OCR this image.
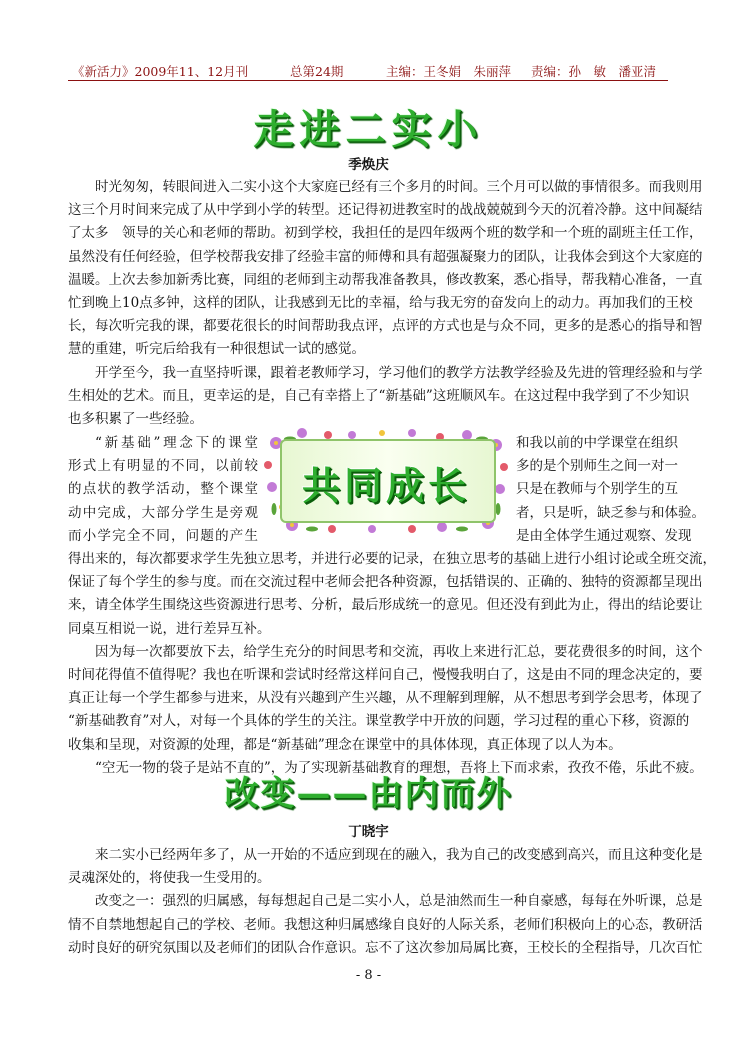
《新活力》2009年11、12月刊	总第24期	主编：王冬娟　朱丽萍 责编：孙　敏　潘亚清
走进二实小
季焕庆
时光匆匆，转眼间进入二实小这个大家庭已经有三个多月的时间。三个月可以做的事情很多。而我则用
这三个月时间来完成了从中学到小学的转型。还记得初进教室时的战战兢兢到今天的沉着冷静。这中间凝结
了太多　领导的关心和老师的帮助。初到学校，我担任的是四年级两个班的数学和一个班的副班主任工作，
虽然没有任何经验，但学校帮我安排了经验丰富的师傅和具有超强凝聚力的团队，让我体会到这个大家庭的
温暖。上次去参加新秀比赛，同组的老师到主动帮我准备教具，修改教案，悉心指导，帮我精心准备，一直
忙到晚上10点多钟，这样的团队，让我感到无比的幸福，给与我无穷的奋发向上的动力。再加我们的王校
长，每次听完我的课，都要花很长的时间帮助我点评，点评的方式也是与众不同，更多的是悉心的指导和智
慧的重建，听完后给我有一种很想试一试的感觉。
开学至今，我一直坚持听课，跟着老教师学习，学习他们的教学方法教学经验及先进的管理经验和与学
生相处的艺术。而且，更幸运的是，自己有幸搭上了“新基础”这班顺风车。在这过程中我学到了不少知识
也多积累了一些经验。
“新基础”理念下的课堂
形式上有明显的不同，以前较
的点状的教学活动，整个课堂
动中完成，大部分学生是旁观
而小学完全不同，问题的产生
和我以前的中学课堂在组织
多的是个别师生之间一对一
只是在教师与个别学生的互
者，只是听，缺乏参与和体验。
是由全体学生通过观察、发现
得出来的，每次都要求学生先独立思考，并进行必要的记录，在独立思考的基础上进行小组讨论或全班交流，
保证了每个学生的参与度。而在交流过程中老师会把各种资源，包括错误的、正确的、独特的资源都呈现出
来，请全体学生围绕这些资源进行思考、分析，最后形成统一的意见。但还没有到此为止，得出的结论要让
同桌互相说一说，进行差异互补。
因为每一次都要放下去，给学生充分的时间思考和交流，再收上来进行汇总，要花费很多的时间，这个
时间花得值不值得呢？我也在听课和尝试时经常这样问自己，慢慢我明白了，这是由不同的理念决定的，要
真正让每一个学生都参与进来，从没有兴趣到产生兴趣，从不理解到理解，从不想思考到学会思考，体现了
“新基础教育”对人，对每一个具体的学生的关注。课堂教学中开放的问题，学习过程的重心下移，资源的
收集和呈现，对资源的处理，都是“新基础”理念在课堂中的具体体现，真正体现了以人为本。
“空无一物的袋子是站不直的”，为了实现新基础教育的理想，吾将上下而求索，孜孜不倦，乐此不疲。
共同成长
改变——由内而外
丁晓宇
来二实小已经两年多了，从一开始的不适应到现在的融入，我为自己的改变感到高兴，而且这种变化是
灵魂深处的，将使我一生受用的。
改变之一：强烈的归属感，每每想起自己是二实小人，总是油然而生一种自豪感，每每在外听课，总是
情不自禁地想起自己的学校、老师。我想这种归属感缘自良好的人际关系，老师们积极向上的心态，教研活
动时良好的研究氛围以及老师们的团队合作意识。忘不了这次参加局属比赛，王校长的全程指导，几次百忙
- 8 -
